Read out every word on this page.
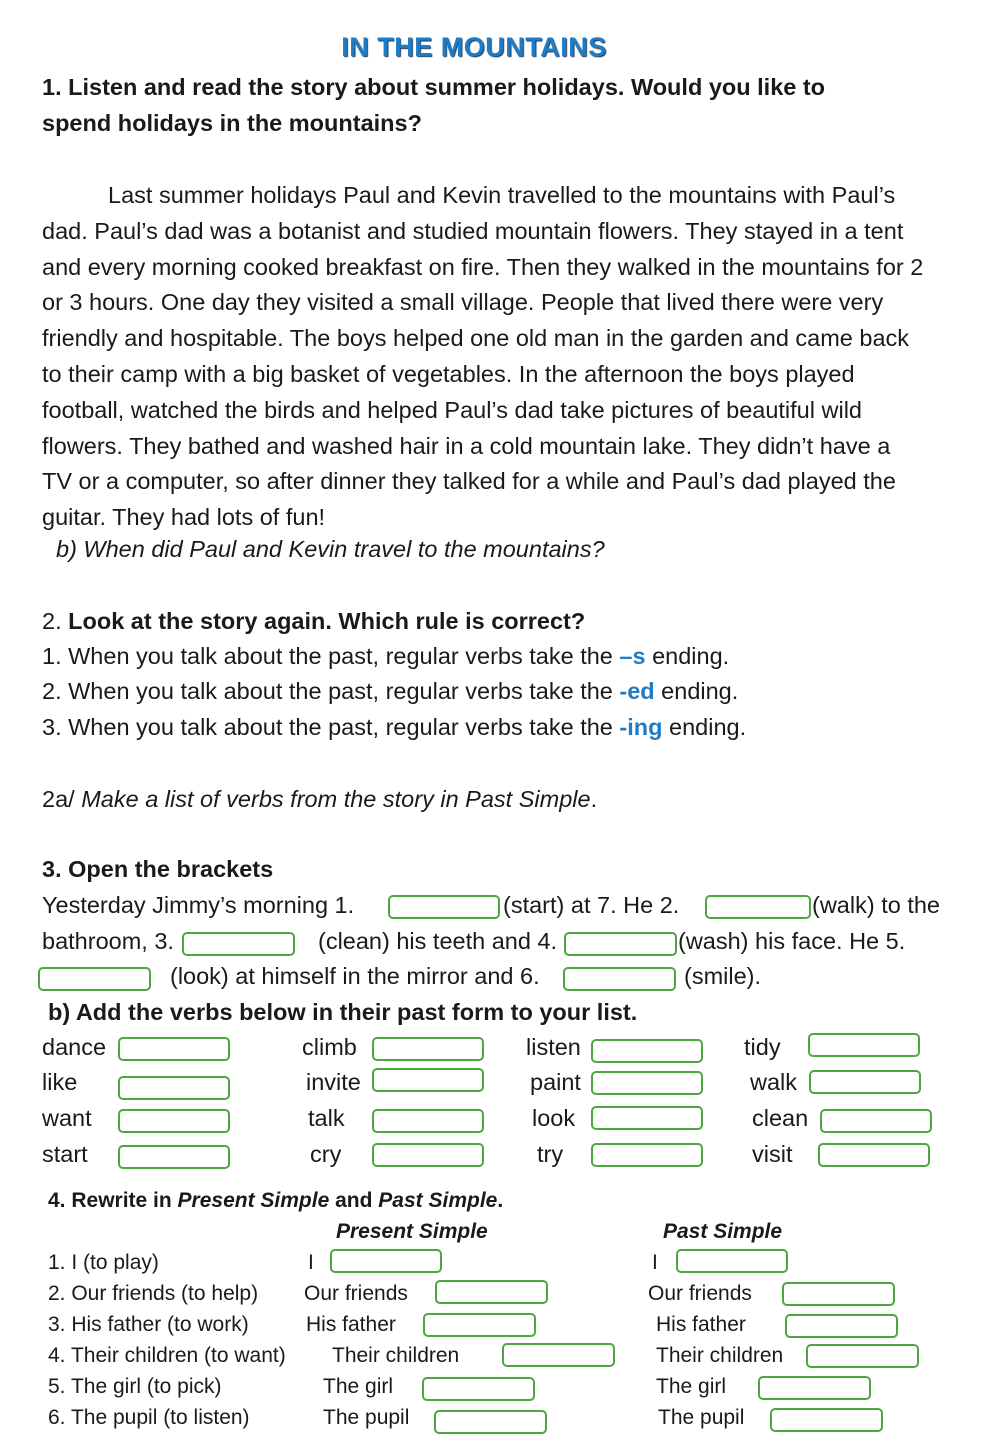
IN THE MOUNTAINS
1. Listen and read the story about summer holidays. Would you like to
spend holidays in the mountains?
Last summer holidays Paul and Kevin travelled to the mountains with Paul’s
dad. Paul’s dad was a botanist and studied mountain flowers. They stayed in a tent
and every morning cooked breakfast on fire. Then they walked in the mountains for 2
or 3 hours. One day they visited a small village. People that lived there were very
friendly and hospitable. The boys helped one old man in the garden and came back
to their camp with a big basket of vegetables. In the afternoon the boys played
football, watched the birds and helped Paul’s dad take pictures of beautiful wild
flowers. They bathed and washed hair in a cold mountain lake. They didn’t have a
TV or a computer, so after dinner they talked for a while and Paul’s dad played the
guitar. They had lots of fun!
b) When did Paul and Kevin travel to the mountains?
2. Look at the story again. Which rule is correct?
1. When you talk about the past, regular verbs take the –s ending.
2. When you talk about the past, regular verbs take the -ed ending.
3. When you talk about the past, regular verbs take the -ing ending.
2a/ Make a list of verbs from the story in Past Simple.
3. Open the brackets
Yesterday Jimmy’s morning 1.	(start) at 7. He 2.	(walk) to the
bathroom, 3.	(clean) his teeth and 4.	(wash) his face. He 5.
(look) at himself in the mirror and 6.	(smile).
b) Add the verbs below in their past form to your list.
dance	climb	listen	tidy
like	invite	paint	walk
want	talk	look	clean
start	cry	try	visit
4. Rewrite in Present Simple and Past Simple.
Present Simple	Past Simple
1. I (to play)	I	I
2. Our friends (to help) Our friends	Our friends
3. His father (to work)	His father	His father
4. Their children (to want) Their children	Their children
5. The girl (to pick)	The girl	The girl
6. The pupil (to listen)	The pupil	The pupil
